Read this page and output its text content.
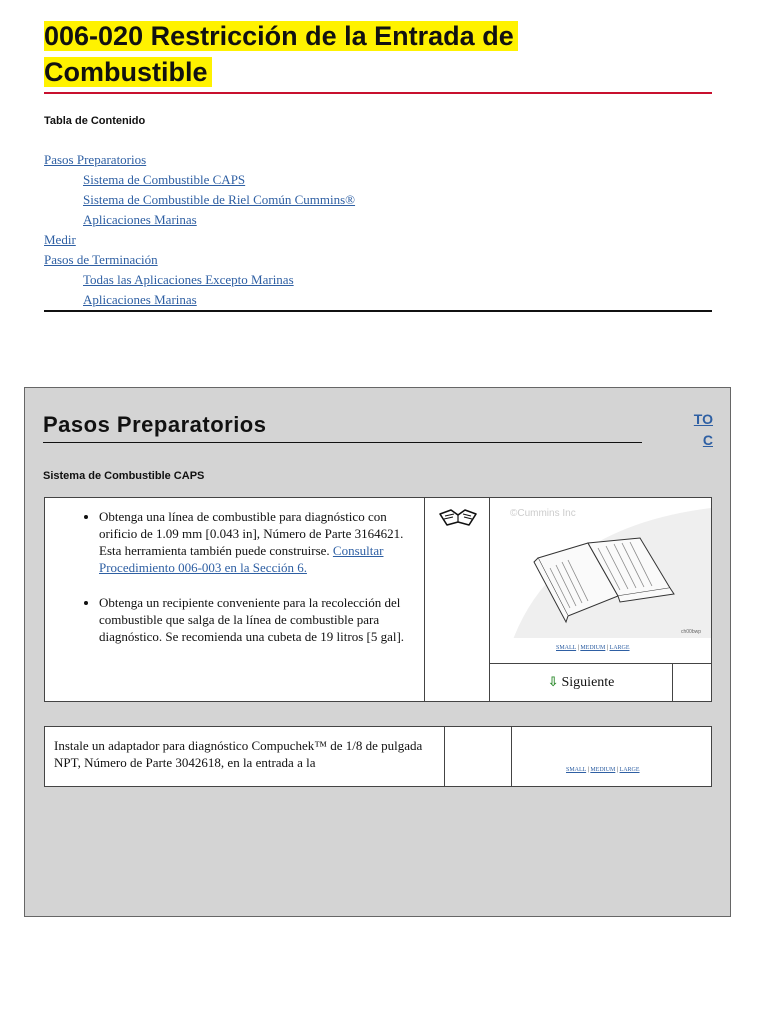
006-020 Restricción de la Entrada de
Combustible
Tabla de Contenido
Pasos Preparatorios
Sistema de Combustible CAPS
Sistema de Combustible de Riel Común Cummins®
Aplicaciones Marinas
Medir
Pasos de Terminación
Todas las Aplicaciones Excepto Marinas
Aplicaciones Marinas
Pasos Preparatorios	TOC
Sistema de Combustible CAPS
• Obtenga una línea de combustible para diagnóstico con orificio de 1.09 mm [0.043 in], Número de Parte 3164621. Esta herramienta también puede construirse. Consultar Procedimiento 006-003 en la Sección 6.
• Obtenga un recipiente conveniente para la recolección del combustible que salga de la línea de combustible para diagnóstico. Se recomienda una cubeta de 19 litros [5 gal].
©Cummins Inc
ch00bwp
SMALL | MEDIUM | LARGE
⇩ Siguiente
Instale un adaptador para diagnóstico Compuchek™ de 1/8 de pulgada NPT, Número de Parte 3042618, en la entrada a la	SMALL | MEDIUM | LARGE
